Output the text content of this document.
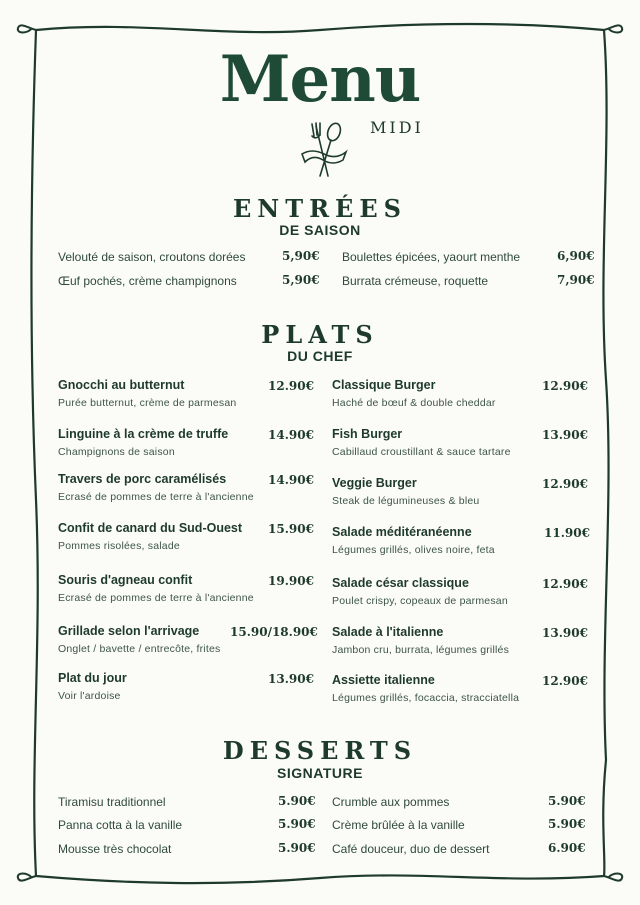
Menu
MIDI
ENTRÉES
DE SAISON
Velouté de saison, croutons dorées	5,90€
Œuf pochés, crème champignons	5,90€
Boulettes épicées, yaourt menthe	6,90€
Burrata crémeuse, roquette	7,90€
PLATS
DU CHEF
Gnocchi au butternut
Purée butternut, crème de parmesan
12.90€
Linguine à la crème de truffe
Champignons de saison
14.90€
Travers de porc caramélisés
Ecrasé de pommes de terre à l'ancienne
14.90€
Confit de canard du Sud-Ouest
Pommes risolées, salade
15.90€
Souris d'agneau confit
Ecrasé de pommes de terre à l'ancienne
19.90€
Grillade selon l'arrivage
Onglet / bavette / entrecôte, frites
15.90/18.90€
Plat du jour
Voir l'ardoise
13.90€
Classique Burger
Haché de bœuf & double cheddar
12.90€
Fish Burger
Cabillaud croustillant & sauce tartare
13.90€
Veggie Burger
Steak de légumineuses & bleu
12.90€
Salade méditéranéenne
Légumes grillés, olives noire, feta
11.90€
Salade césar classique
Poulet crispy, copeaux de parmesan
12.90€
Salade à l'italienne
Jambon cru, burrata, légumes grillés
13.90€
Assiette italienne
Légumes grillés, focaccia, stracciatella
12.90€
DESSERTS
SIGNATURE
Tiramisu traditionnel	5.90€
Panna cotta à la vanille	5.90€
Mousse très chocolat	5.90€
Crumble aux pommes	5.90€
Crème brûlée à la vanille	5.90€
Café douceur, duo de dessert	6.90€
